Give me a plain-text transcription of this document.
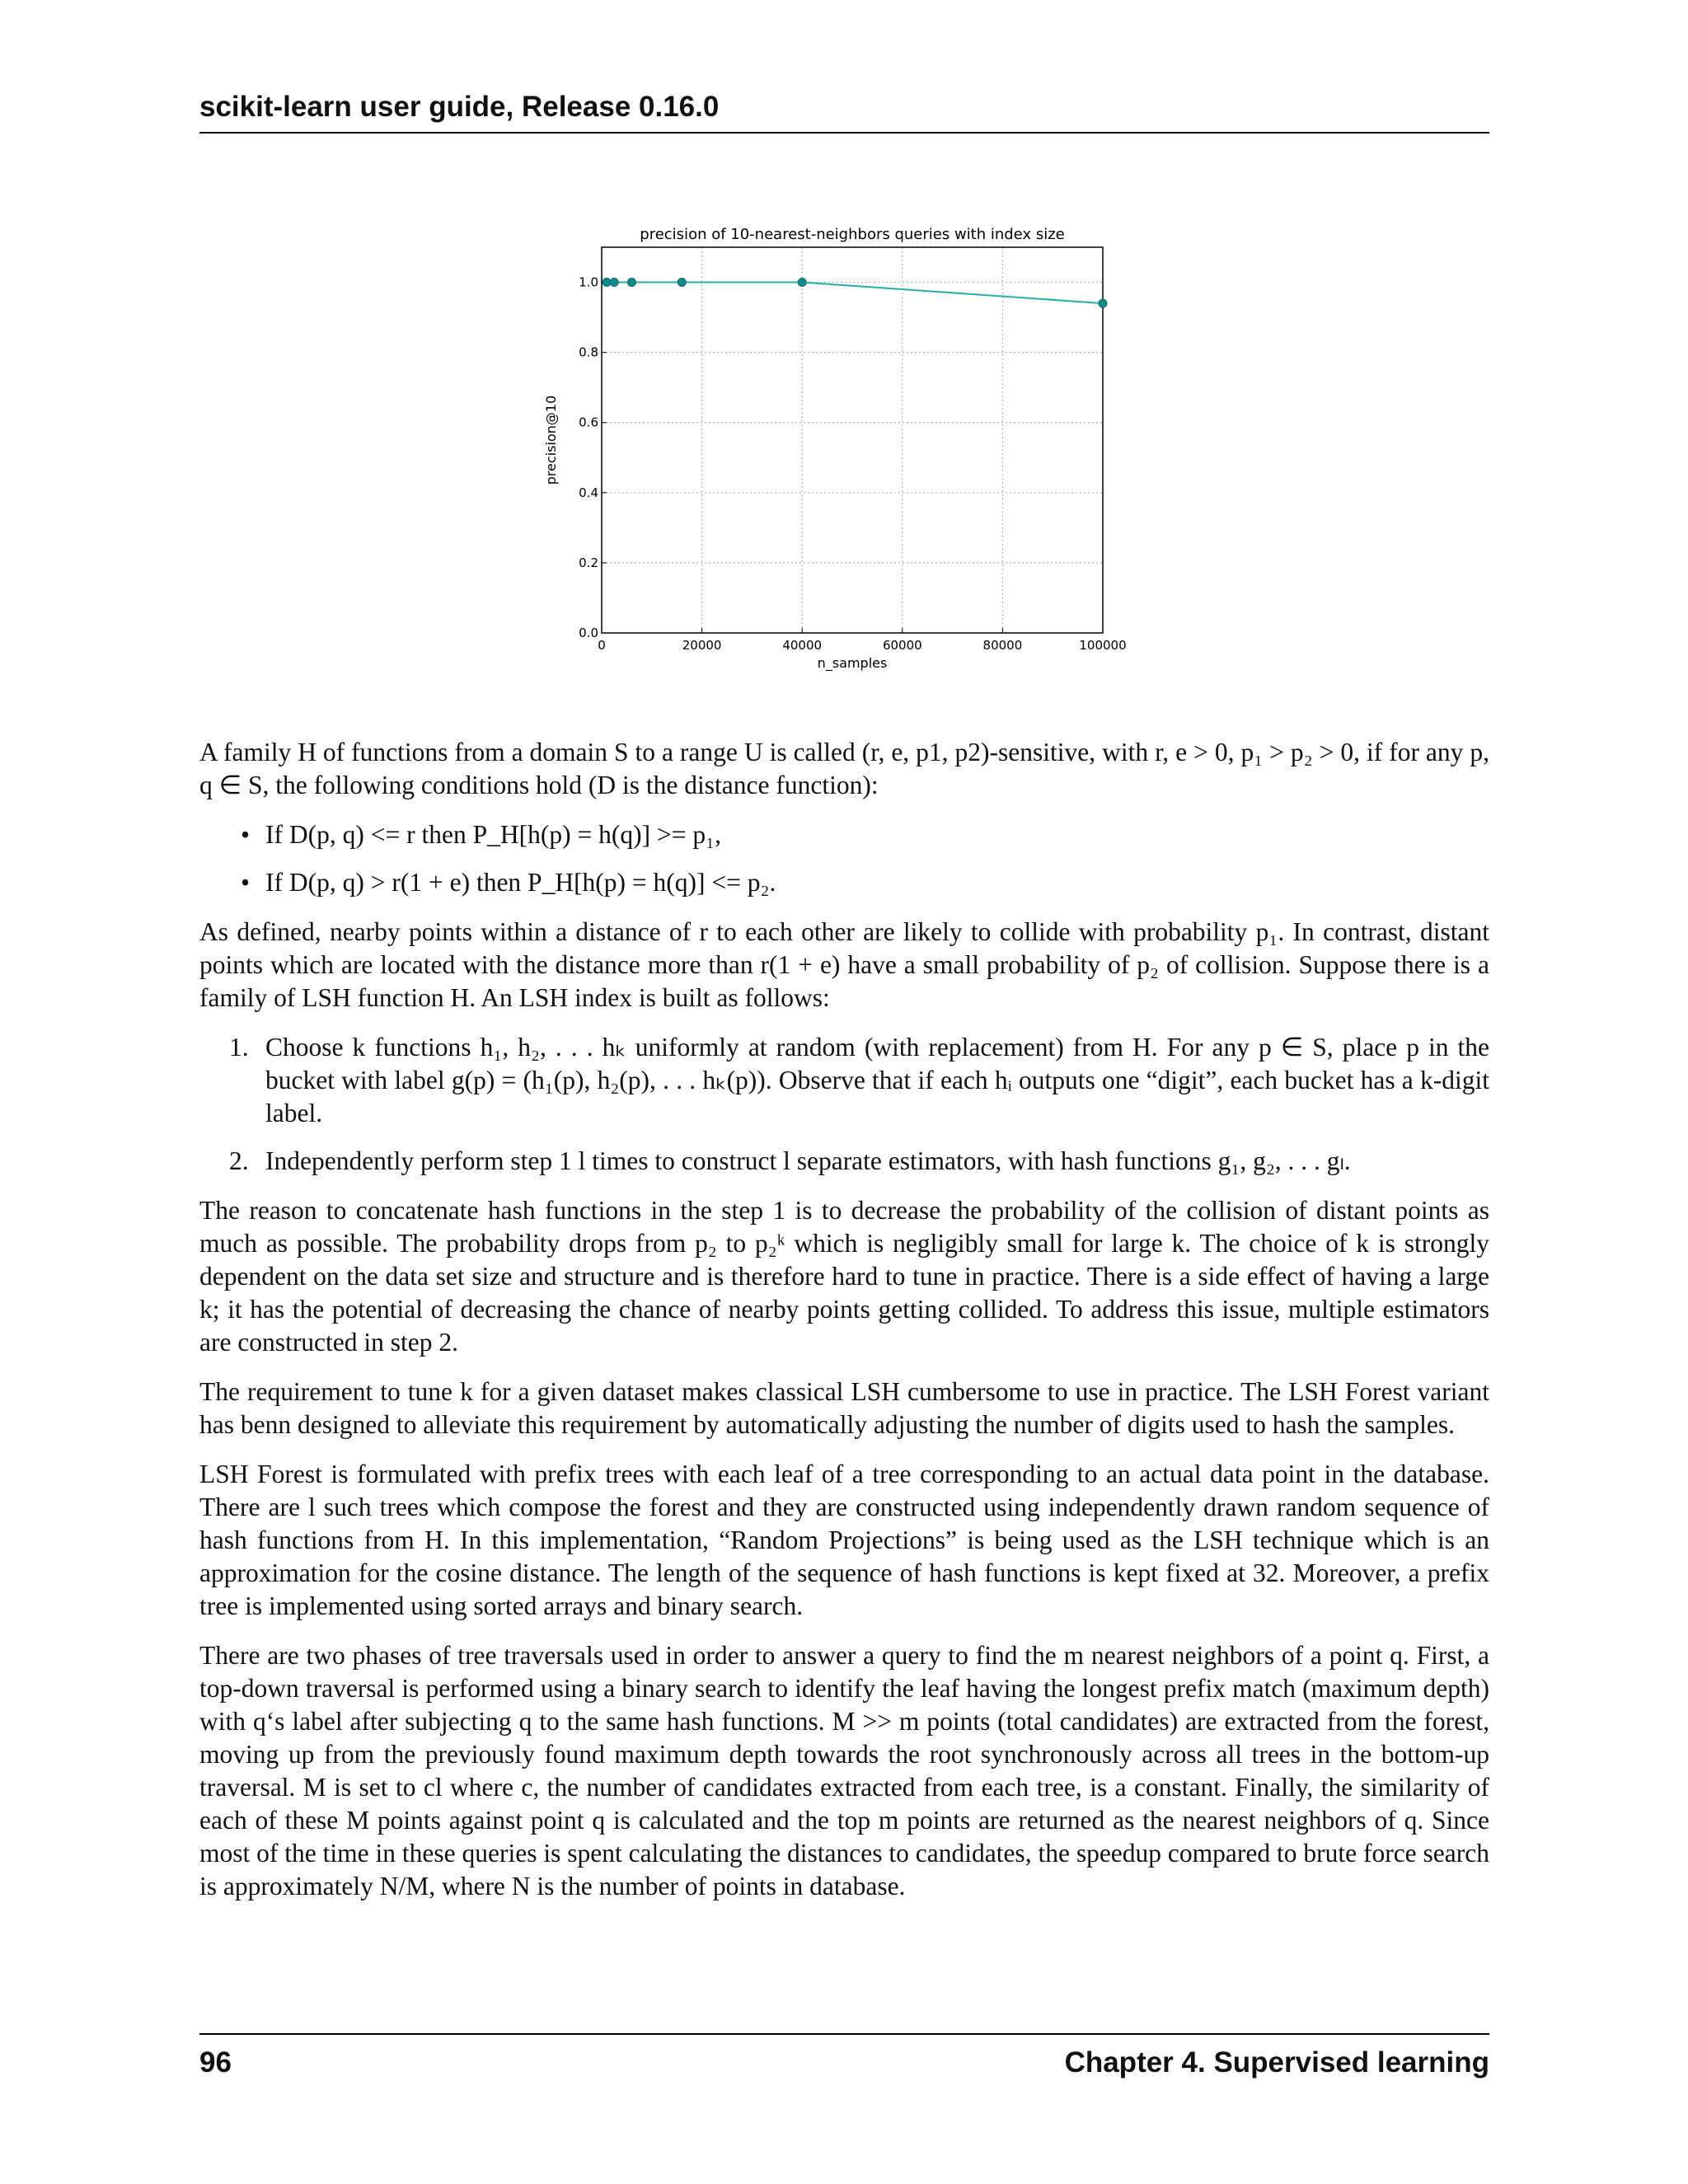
scikit-learn user guide, Release 0.16.0
0	20000	40000	60000	80000	100000
0.0
0.2
0.4
0.6
0.8
1.0
precision of 10-nearest-neighbors queries with index size
n_samples
precision@10

A family H of functions from a domain S to a range U is called (r, e, p1, p2)-sensitive, with r, e > 0, p₁ > p₂ > 0, if for any p, q ∈ S, the following conditions hold (D is the distance function):

• If D(p, q) <= r then P_H[h(p) = h(q)] >= p₁,
• If D(p, q) > r(1 + e) then P_H[h(p) = h(q)] <= p₂.

As defined, nearby points within a distance of r to each other are likely to collide with probability p₁. In contrast, distant points which are located with the distance more than r(1 + e) have a small probability of p₂ of collision. Suppose there is a family of LSH function H. An LSH index is built as follows:

1. Choose k functions h₁, h₂, . . . hₖ uniformly at random (with replacement) from H. For any p ∈ S, place p in the bucket with label g(p) = (h₁(p), h₂(p), . . . hₖ(p)). Observe that if each hᵢ outputs one “digit”, each bucket has a k-digit label.
2. Independently perform step 1 l times to construct l separate estimators, with hash functions g₁, g₂, . . . gₗ.

The reason to concatenate hash functions in the step 1 is to decrease the probability of the collision of distant points as much as possible. The probability drops from p₂ to p₂ᵏ which is negligibly small for large k. The choice of k is strongly dependent on the data set size and structure and is therefore hard to tune in practice. There is a side effect of having a large k; it has the potential of decreasing the chance of nearby points getting collided. To address this issue, multiple estimators are constructed in step 2.

The requirement to tune k for a given dataset makes classical LSH cumbersome to use in practice. The LSH Forest variant has benn designed to alleviate this requirement by automatically adjusting the number of digits used to hash the samples.

LSH Forest is formulated with prefix trees with each leaf of a tree corresponding to an actual data point in the database. There are l such trees which compose the forest and they are constructed using independently drawn random sequence of hash functions from H. In this implementation, “Random Projections” is being used as the LSH technique which is an approximation for the cosine distance. The length of the sequence of hash functions is kept fixed at 32. Moreover, a prefix tree is implemented using sorted arrays and binary search.

There are two phases of tree traversals used in order to answer a query to find the m nearest neighbors of a point q. First, a top-down traversal is performed using a binary search to identify the leaf having the longest prefix match (maximum depth) with q‘s label after subjecting q to the same hash functions. M >> m points (total candidates) are extracted from the forest, moving up from the previously found maximum depth towards the root synchronously across all trees in the bottom-up traversal. M is set to cl where c, the number of candidates extracted from each tree, is a constant. Finally, the similarity of each of these M points against point q is calculated and the top m points are returned as the nearest neighbors of q. Since most of the time in these queries is spent calculating the distances to candidates, the speedup compared to brute force search is approximately N/M, where N is the number of points in database.

96	Chapter 4. Supervised learning
